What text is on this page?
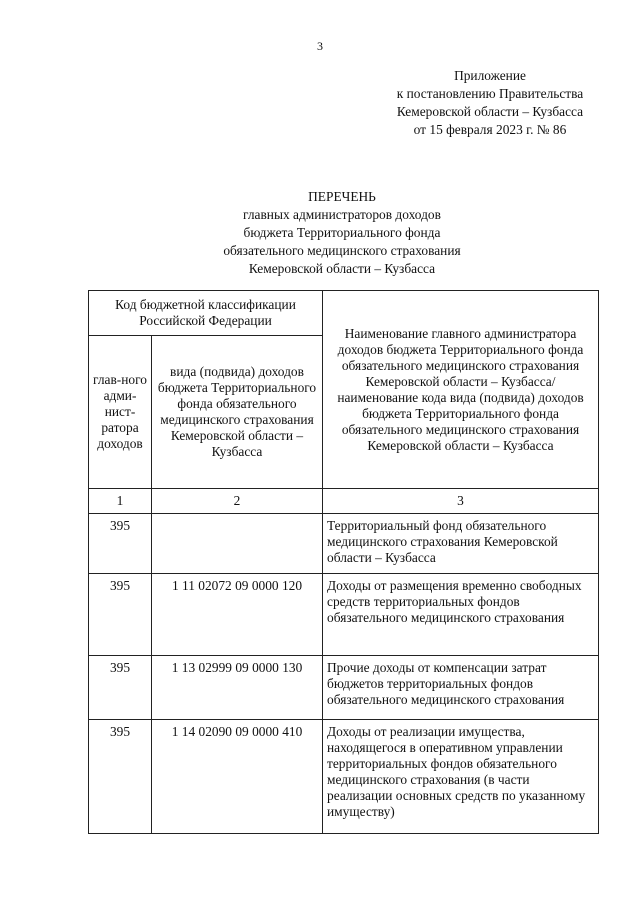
3
Приложение
к постановлению Правительства
Кемеровской области – Кузбасса
от 15 февраля 2023 г. № 86
ПЕРЕЧЕНЬ
главных администраторов доходов
бюджета Территориального фонда
обязательного медицинского страхования
Кемеровской области – Кузбасса
Код бюджетной классификации Российской Федерации		Наименование главного администратора доходов бюджета Территориального фонда обязательного медицинского страхования Кемеровской области – Кузбасса/наименование кода вида (подвида) доходов бюджета Территориального фонда обязательного медицинского страхования Кемеровской области – Кузбасса
глав-ного адми-нист-ратора доходов	вида (подвида) доходов бюджета Территориального фонда обязательного медицинского страхования Кемеровской области – Кузбасса	
1	2	3
395		Территориальный фонд обязательного медицинского страхования Кемеровской области – Кузбасса
395	1 11 02072 09 0000 120	Доходы от размещения временно свободных средств территориальных фондов обязательного медицинского страхования
395	1 13 02999 09 0000 130	Прочие доходы от компенсации затрат бюджетов территориальных фондов обязательного медицинского страхования
395	1 14 02090 09 0000 410	Доходы от реализации имущества, находящегося в оперативном управлении территориальных фондов обязательного медицинского страхования (в части реализации основных средств по указанному имуществу)
